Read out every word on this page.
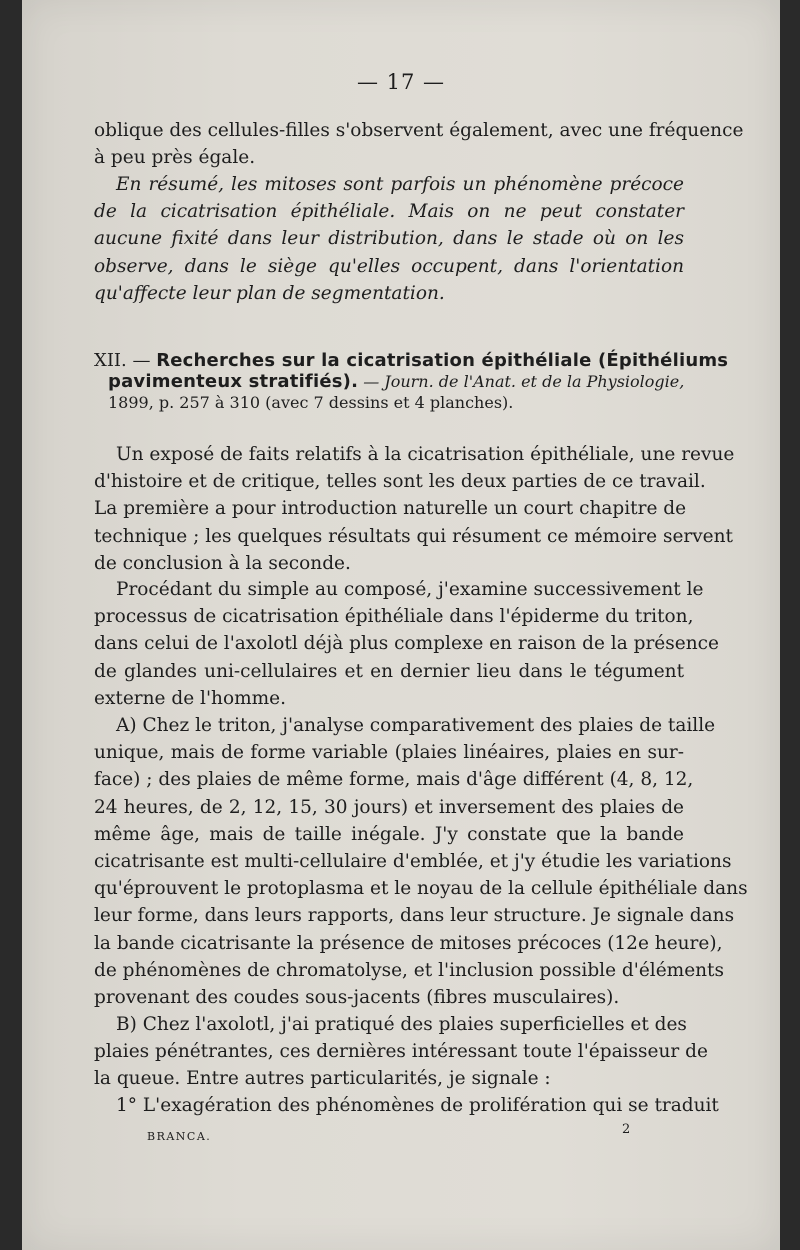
— 17 —
oblique des cellules-filles s'observent également, avec une fréquence
à peu près égale.
En résumé, les mitoses sont parfois un phénomène précoce
de la cicatrisation épithéliale. Mais on ne peut constater
aucune fixité dans leur distribution, dans le stade où on les
observe, dans le siège qu'elles occupent, dans l'orientation
qu'affecte leur plan de segmentation.
XII. — Recherches sur la cicatrisation épithéliale (Épithéliums
pavimenteux stratifiés). — Journ. de l'Anat. et de la Physiologie,
1899, p. 257 à 310 (avec 7 dessins et 4 planches).
Un exposé de faits relatifs à la cicatrisation épithéliale, une revue
d'histoire et de critique, telles sont les deux parties de ce travail.
La première a pour introduction naturelle un court chapitre de
technique ; les quelques résultats qui résument ce mémoire servent
de conclusion à la seconde.
Procédant du simple au composé, j'examine successivement le
processus de cicatrisation épithéliale dans l'épiderme du triton,
dans celui de l'axolotl déjà plus complexe en raison de la présence
de glandes uni-cellulaires et en dernier lieu dans le tégument
externe de l'homme.
A) Chez le triton, j'analyse comparativement des plaies de taille
unique, mais de forme variable (plaies linéaires, plaies en sur-
face) ; des plaies de même forme, mais d'âge différent (4, 8, 12,
24 heures, de 2, 12, 15, 30 jours) et inversement des plaies de
même âge, mais de taille inégale. J'y constate que la bande
cicatrisante est multi-cellulaire d'emblée, et j'y étudie les variations
qu'éprouvent le protoplasma et le noyau de la cellule épithéliale dans
leur forme, dans leurs rapports, dans leur structure. Je signale dans
la bande cicatrisante la présence de mitoses précoces (12e heure),
de phénomènes de chromatolyse, et l'inclusion possible d'éléments
provenant des coudes sous-jacents (fibres musculaires).
B) Chez l'axolotl, j'ai pratiqué des plaies superficielles et des
plaies pénétrantes, ces dernières intéressant toute l'épaisseur de
la queue. Entre autres particularités, je signale :
1° L'exagération des phénomènes de prolifération qui se traduit
BRANCA.	2
